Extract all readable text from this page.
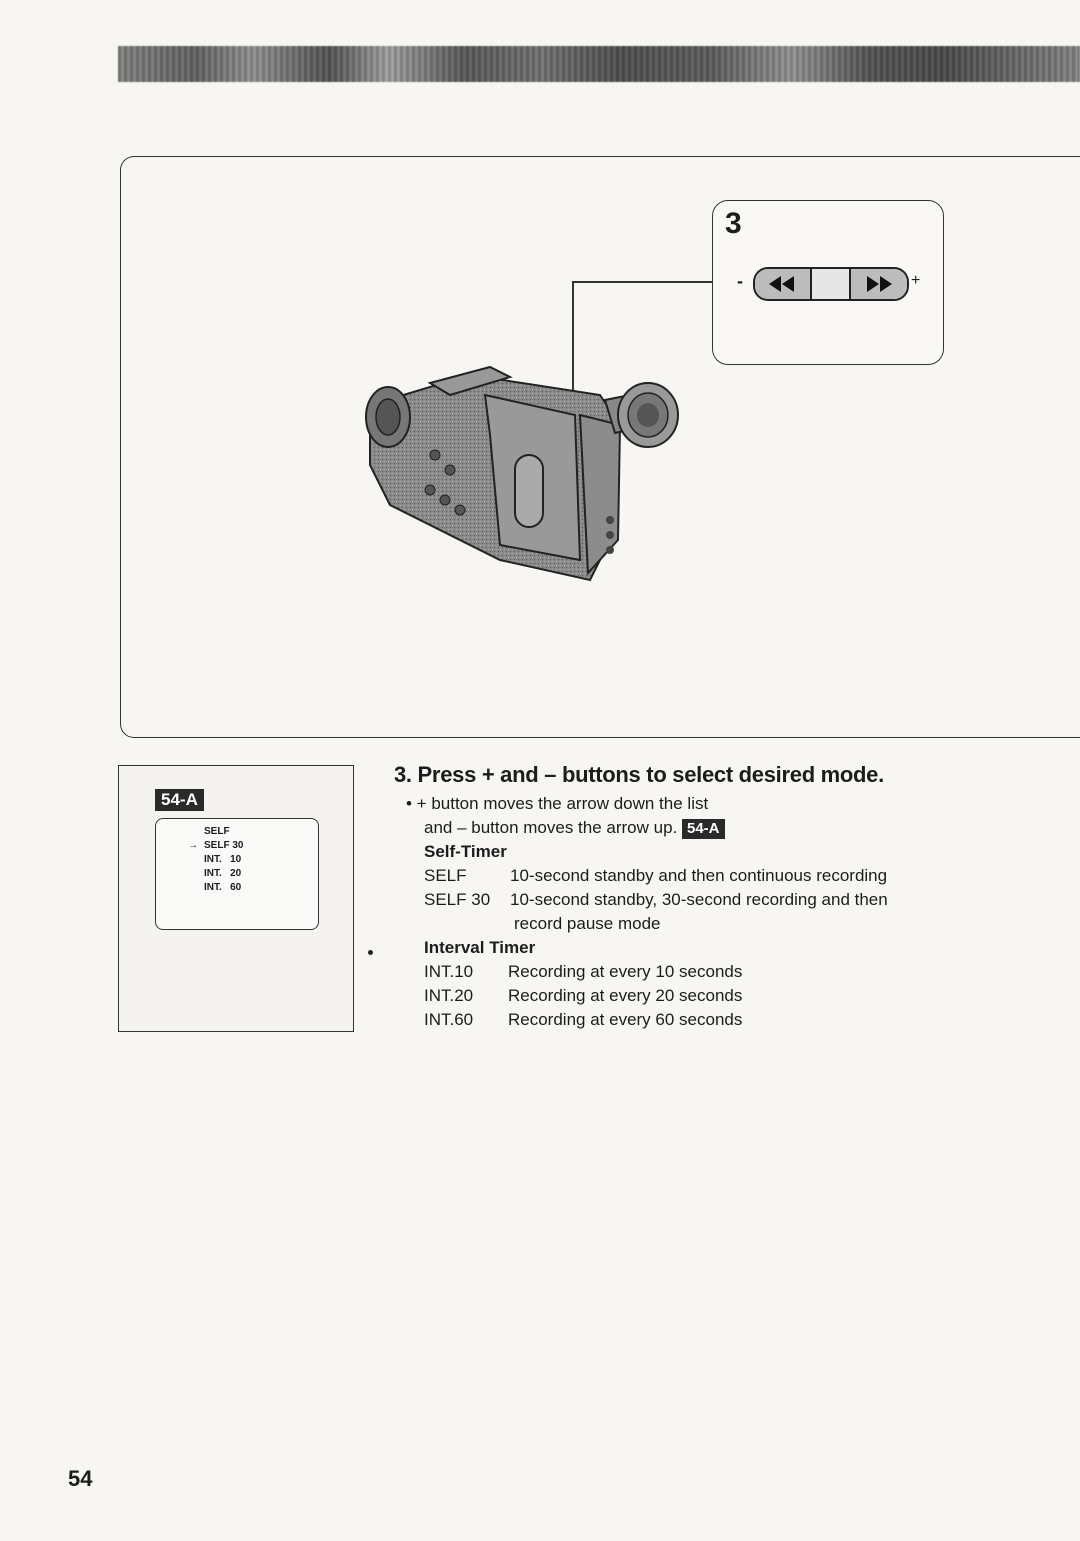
3
-	+
54-A
SELF
→ SELF 30
INT.   10
INT.   20
INT.   60
3. Press + and – buttons to select desired mode.
• + button moves the arrow down the list
and – button moves the arrow up. 54-A
Self-Timer
SELF	10-second standby and then continuous recording
SELF 30 10-second standby, 30-second recording and then
record pause mode
Interval Timer
INT.10 Recording at every 10 seconds
INT.20 Recording at every 20 seconds
INT.60 Recording at every 60 seconds
54
